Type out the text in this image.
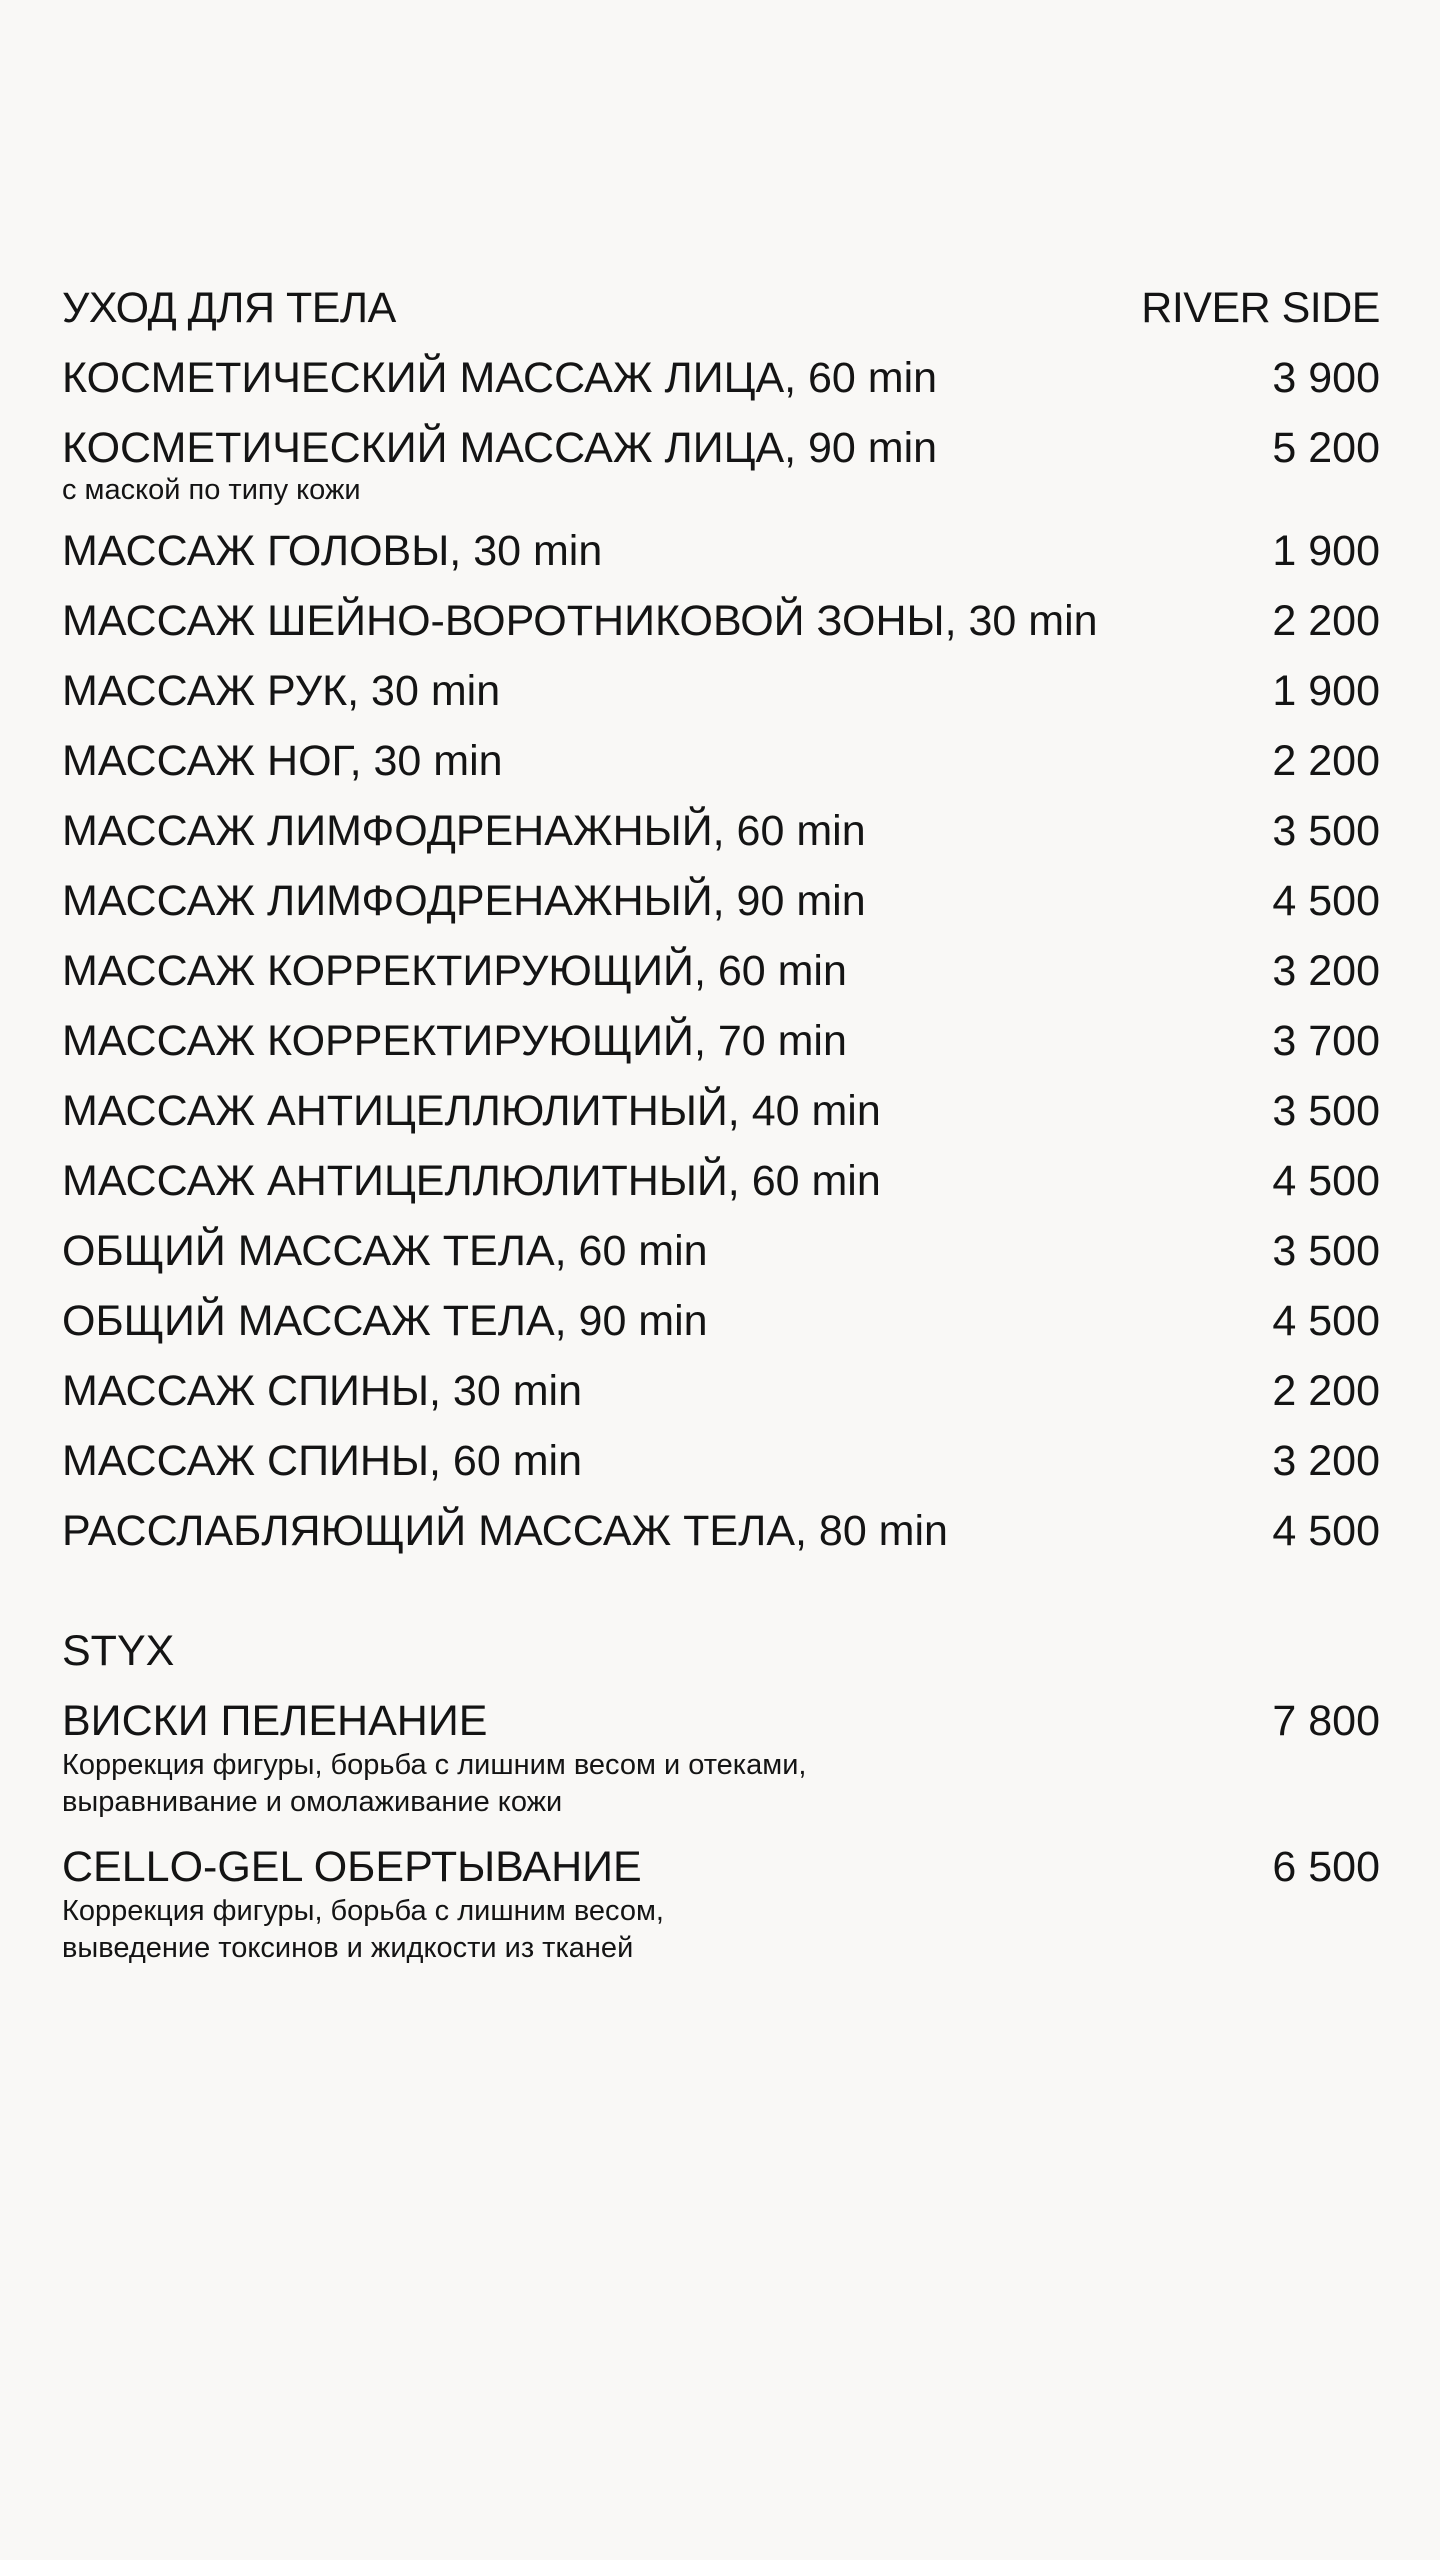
УХОД ДЛЯ ТЕЛА	RIVER SIDE
КОСМЕТИЧЕСКИЙ МАССАЖ ЛИЦА, 60 min	3 900
КОСМЕТИЧЕСКИЙ МАССАЖ ЛИЦА, 90 min	5 200
с маской по типу кожи
МАССАЖ ГОЛОВЫ, 30 min	1 900
МАССАЖ ШЕЙНО-ВОРОТНИКОВОЙ ЗОНЫ, 30 min	2 200
МАССАЖ РУК, 30 min	1 900
МАССАЖ НОГ, 30 min	2 200
МАССАЖ ЛИМФОДРЕНАЖНЫЙ, 60 min	3 500
МАССАЖ ЛИМФОДРЕНАЖНЫЙ, 90 min	4 500
МАССАЖ КОРРЕКТИРУЮЩИЙ, 60 min	3 200
МАССАЖ КОРРЕКТИРУЮЩИЙ, 70 min	3 700
МАССАЖ АНТИЦЕЛЛЮЛИТНЫЙ, 40 min	3 500
МАССАЖ АНТИЦЕЛЛЮЛИТНЫЙ, 60 min	4 500
ОБЩИЙ МАССАЖ ТЕЛА, 60 min	3 500
ОБЩИЙ МАССАЖ ТЕЛА, 90 min	4 500
МАССАЖ СПИНЫ, 30 min	2 200
МАССАЖ СПИНЫ, 60 min	3 200
РАССЛАБЛЯЮЩИЙ МАССАЖ ТЕЛА, 80 min	4 500
STYX
ВИСКИ ПЕЛЕНАНИЕ	7 800
Коррекция фигуры, борьба с лишним весом и отеками,
выравнивание и омолаживание кожи
CELLO-GEL ОБЕРТЫВАНИЕ	6 500
Коррекция фигуры, борьба с лишним весом,
выведение токсинов и жидкости из тканей
